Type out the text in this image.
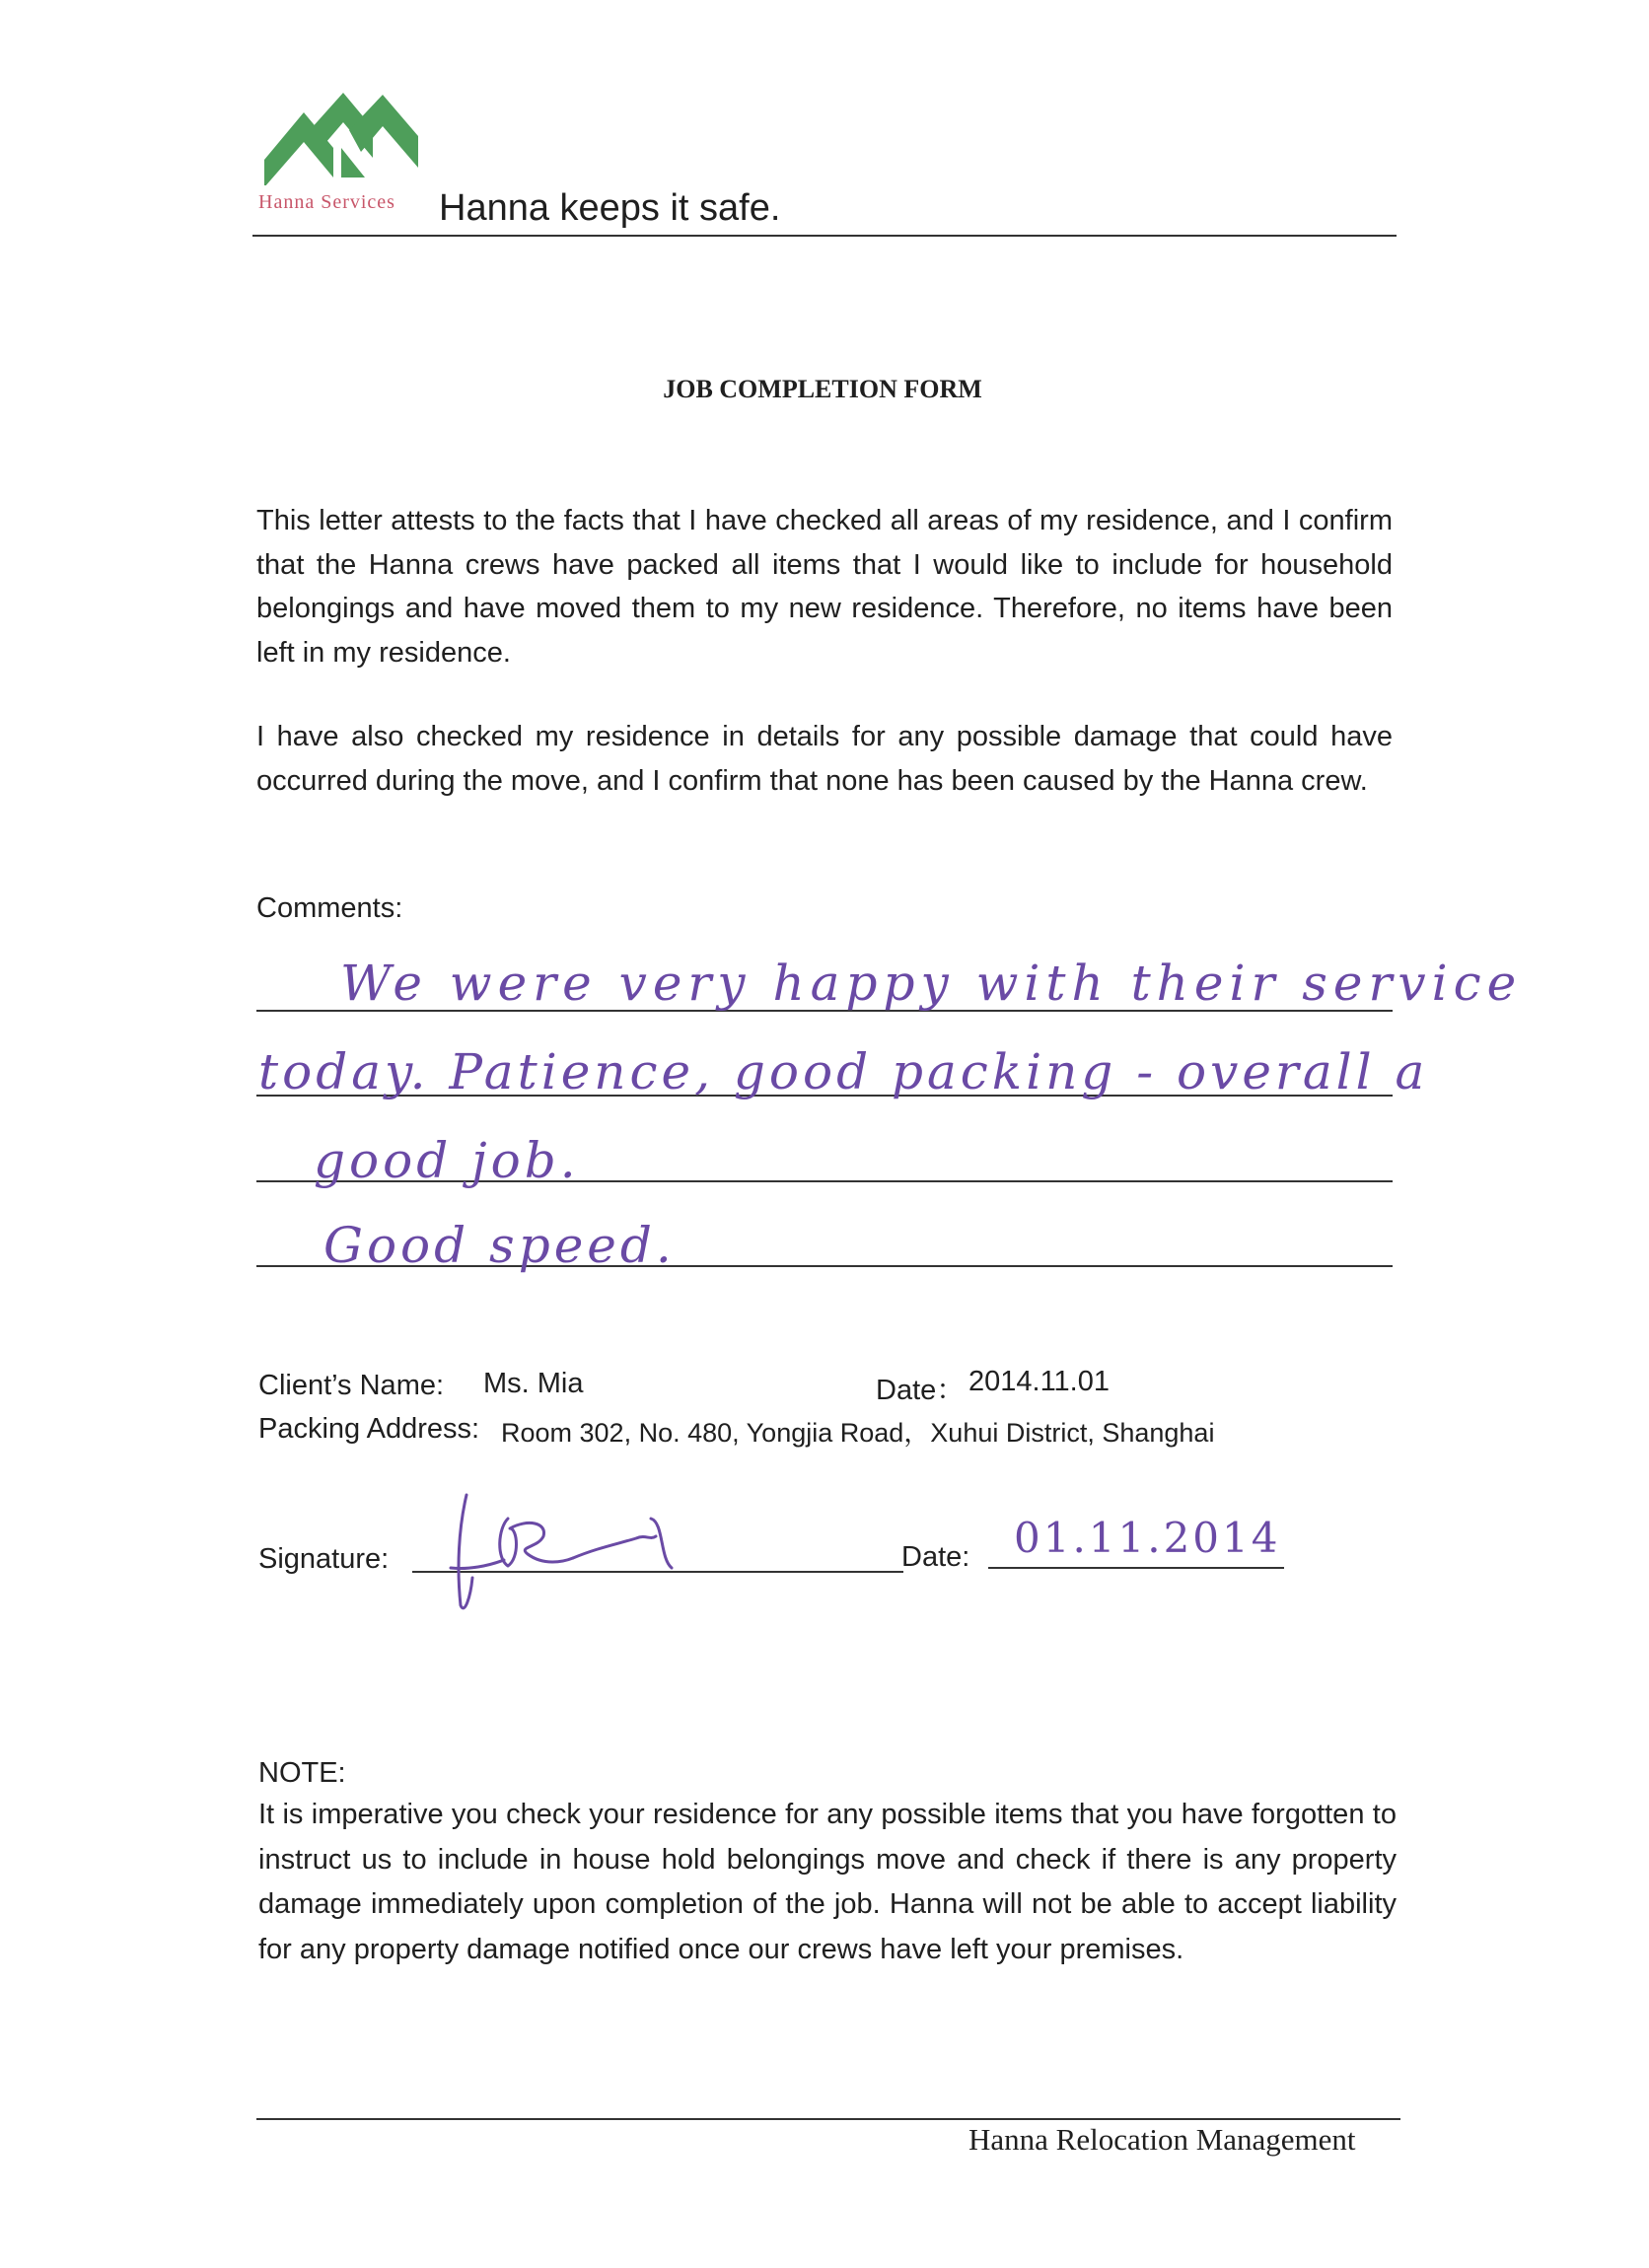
Hanna Services Hanna keeps it safe.
JOB COMPLETION FORM
This letter attests to the facts that I have checked all areas of my residence, and I confirm that the Hanna crews have packed all items that I would like to include for household belongings and have moved them to my new residence. Therefore, no items have been left in my residence.
I have also checked my residence in details for any possible damage that could have occurred during the move, and I confirm that none has been caused by the Hanna crew.
Comments:
We were very happy with their service
today. Patience, good packing - overall a
good job.
Good speed.
Client’s Name: Ms. Mia	Date： 2014.11.01
Packing Address: Room 302, No. 480, Yongjia Road，Xuhui District, Shanghai
Signature:	Date: 01.11.2014
NOTE:
It is imperative you check your residence for any possible items that you have forgotten to instruct us to include in house hold belongings move and check if there is any property damage immediately upon completion of the job. Hanna will not be able to accept liability for any property damage notified once our crews have left your premises.
Hanna Relocation Management
